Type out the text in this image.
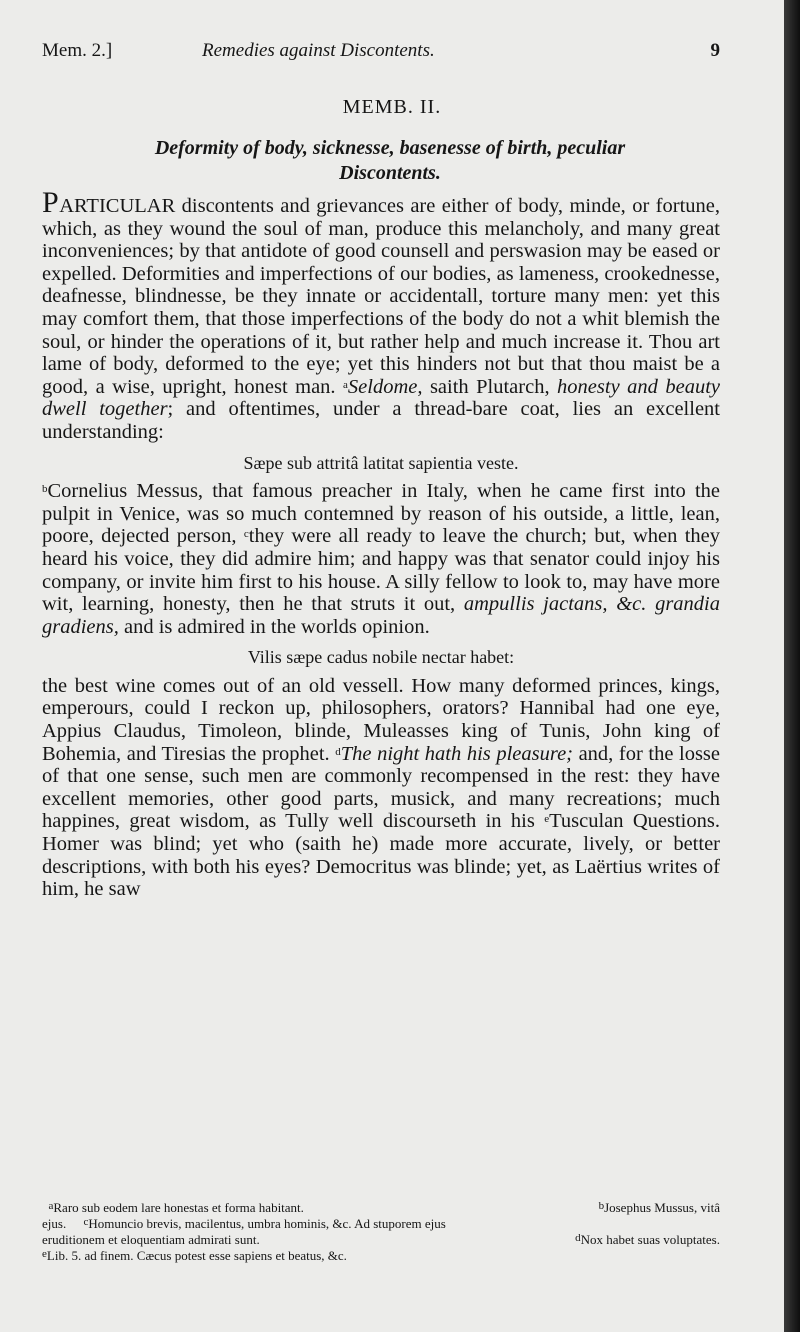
Mem. 2.]	Remedies against Discontents.	9
MEMB. II.
Deformity of body, sicknesse, basenesse of birth, peculiar
Discontents.

PARTICULAR discontents and grievances are either of body, minde, or fortune, which, as they wound the soul of man, produce this melancholy, and many great inconveniences; by that antidote of good counsell and perswasion may be eased or expelled. Deformities and imperfections of our bodies, as lameness, crookednesse, deafnesse, blindnesse, be they innate or accidentall, torture many men: yet this may comfort them, that those imperfections of the body do not a whit blemish the soul, or hinder the operations of it, but rather help and much increase it. Thou art lame of body, deformed to the eye; yet this hinders not but that thou maist be a good, a wise, upright, honest man. $^a$Seldome, saith Plutarch, honesty and beauty dwell together; and oftentimes, under a thread-bare coat, lies an excellent understanding:

Sæpe sub attritâ latitat sapientia veste.

$^b$Cornelius Messus, that famous preacher in Italy, when he came first into the pulpit in Venice, was so much contemned by reason of his outside, a little, lean, poore, dejected person, $^c$they were all ready to leave the church; but, when they heard his voice, they did admire him; and happy was that senator could injoy his company, or invite him first to his house. A silly fellow to look to, may have more wit, learning, honesty, then he that struts it out, ampullis jactans, &c. grandia gradiens, and is admired in the worlds opinion.

Vilis sæpe cadus nobile nectar habet:

the best wine comes out of an old vessell. How many deformed princes, kings, emperours, could I reckon up, philosophers, orators? Hannibal had one eye, Appius Claudus, Timoleon, blinde, Muleasses king of Tunis, John king of Bohemia, and Tiresias the prophet. $^d$The night hath his pleasure; and, for the losse of that one sense, such men are commonly recompensed in the rest: they have excellent memories, other good parts, musick, and many recreations; much happines, great wisdom, as Tully well discourseth in his $^e$Tusculan Questions. Homer was blind; yet who (saith he) made more accurate, lively, or better descriptions, with both his eyes? Democritus was blinde; yet, as Laërtius writes of him, he saw

$^b$Josephus Mussus, vitâ
$^a$Raro sub eodem lare honestas et forma habitant.
ejus. $^c$Homuncio brevis, macilentus, umbra hominis, &c. Ad stuporem ejus
$^d$Nox habet suas voluptates.
eruditionem et eloquentiam admirati sunt.
$^e$Lib. 5. ad finem. Cæcus potest esse sapiens et beatus, &c.
